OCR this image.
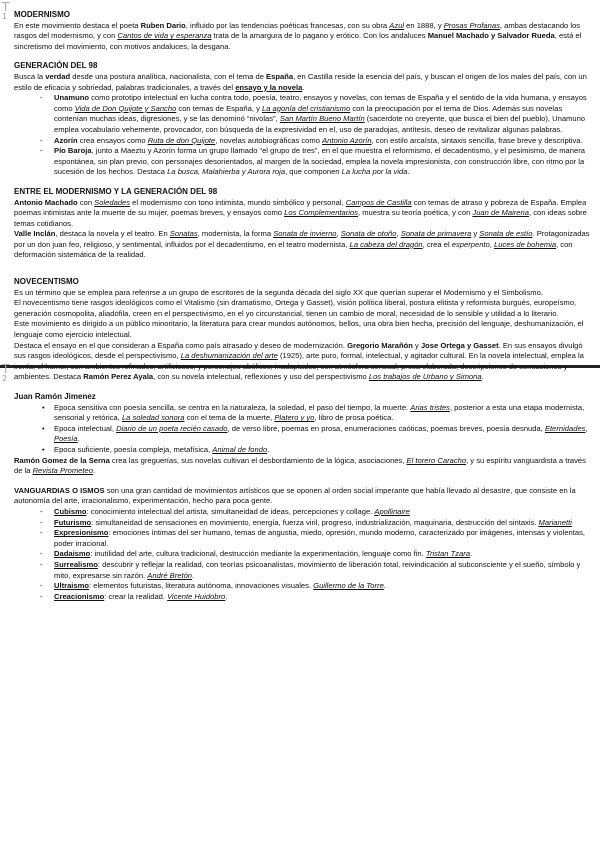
T
1
T
2
MODERNISMO

En este movimiento destaca el poeta Ruben Dario, influido por las tendencias poéticas francesas, con su obra Azul en 1888, y Prosas Profanas, ambas destacando los rasgos del modernismo, y con Cantos de vida y esperanza trata de la amargura de lo pagano y erótico. Con los andaluces Manuel Machado y Salvador Rueda, está el sincretismo del movimiento, con motivos andaluces, la desgana.

GENERACIÓN DEL 98

Busca la verdad desde una postura analítica, nacionalista, con el tema de España, en Castilla reside la esencia del país, y buscan el origen de los males del país, con un estilo de eficacia y sobriedad, palabras tradicionales, a través del ensayo y la novela.

- Unamuno como prototipo intelectual en lucha contra todo, poesía, teatro, ensayos y novelas, con temas de España y el sentido de la vida humana, y ensayos como Vida de Don Quijote y Sancho con temas de España, y La agonía del cristianismo con la preocupación por el tema de Dios. Además sus novelas contenían muchas ideas, digresiones, y se las denominó “nivolas”, San Martín Bueno Martín (sacerdote no creyente, que busca el bien del pueblo), Unamuno emplea vocabulario vehemente, provocador, con búsqueda de la expresividad en el, uso de paradojas, antítesis, deseo de revitalizar algunas palabras.
- Azorín crea ensayos como Ruta de don Quijote, novelas autobiográficas como Antonio Azorín, con estilo arcaísta, sintaxis sencilla, frase breve y descriptiva.
- Pío Baroja, junto a Maeztu y Azorín forma un grupo llamado “el grupo de tres”, en el que muestra el reformismo, el decadentismo, y el pesimismo, de manera espontánea, sin plan previo, con personajes desorientados, al margen de la sociedad, emplea la novela impresionista, con construcción libre, con ritmo por la sucesión de los hechos. Destaca La busca, Malahierba y Aurora roja, que componen La lucha por la vida.
ENTRE EL MODERNISMO Y LA GENERACIÓN DEL 98

Antonio Machado con Soledades el modernismo con tono intimista, mundo simbólico y personal, Campos de Castilla con temas de atraso y pobreza de España. Emplea poemas intimistas ante la muerte de su mujer, poemas breves, y ensayos como Los Complementarios, muestra su teoría poética, y con Juan de Mairena, con ideas sobre temas cotidianos.

Valle Inclán, destaca la novela y el teatro. En Sonatas, modernista, la forma Sonata de invierno, Sonata de otoño, Sonata de primavera y Sonata de estío. Protagonizadas por un don juan feo, religioso, y sentimental, influidos por el decadentismo, en el teatro modernista, La cabeza del dragón, crea el esperpento, Luces de bohemia, con deformación sistemática de la realidad.

NOVECENTISMO

Es un término que se emplea para referirse a un grupo de escritores de la segunda década del siglo XX que querían superar el Modernismo y el Simbolismo.

El novecentismo tiene rasgos ideológicos como el Vitalismo (sin dramatismo, Ortega y Gasset), visión política liberal, postura elitista y reformista burgués, europeísmo, generación cosmopolita, aliadófila, creen en el perspectivismo, en el yo circunstancial, tienen un cambio de moral, necesidad de lo sensible y utilidad a lo literario.

Este movimiento es dirigido a un público minoritario, la literatura para crear mundos autónomos, bellos, una obra bien hecha, precisión del lenguaje, deshumanización, el lenguaje como ejercicio intelectual.

Destaca el ensayo en el que consideran a España como país atrasado y deseo de modernización. Gregorio Marañón y Jose Ortega y Gasset. En sus ensayos divulgó sus rasgos ideológicos, desde el perspectivismo, La deshumanización del arte (1925), arte puro, formal, intelectual, y agitador cultural. En la novela intelectual, emplea la ironía, el humor, con ambientes refinados, artificiosos, y personajes abúlicos, inadaptados, con atmósfera sensual, prosa elaborada, descripciones de sensaciones y ambientes. Destaca Ramón Perez Ayala, con su novela intelectual, reflexiones y uso del perspectivismo Los trabajos de Urbano y Simona.

Juan Ramón Jimenez
• Epoca sensitiva con poesía sencilla, se centra en la naturaleza, la soledad, el paso del tiempo, la muerte. Arias tristes, posterior a esta una etapa modernista, sensorial y retórica, La soledad sonora con el tema de la muerte, Platero y yo, libro de prosa poética.
• Epoca intelectual, Diario de un poeta recién casado, de verso libre, poemas en prosa, enumeraciones caóticas, poemas breves, poesía desnuda, Eternidades, Poesía.
• Epoca suficiente, poesía compleja, metafísica, Animal de fondo.

Ramón Gomez de la Serna crea las greguerías, sus novelas cultivan el desbordamiento de la lógica, asociaciones, El torero Caracho, y su espíritu vanguardista a través de la Revista Prometeo.

VANGUARDIAS O ISMOS son una gran cantidad de movimientos artísticos que se oponen al orden social imperante que había llevado al desastre, que consiste en la autonomía del arte, irracionalismo, experimentación, hecho para poca gente.

- Cubismo: conocimiento intelectual del artista, simultaneidad de ideas, percepciones y collage. Apollinaire
- Futurismo: simultaneidad de sensaciones en movimiento, energía, fuerza viril, progreso, industrialización, maquinaria, destrucción del sintaxis. Marianetti
- Expresionismo: emociones íntimas del ser humano, temas de angustia, miedo, opresión, mundo moderno, caracterizado por imágenes, intensas y violentas, poder irracional.
- Dadaismo: inutilidad del arte, cultura tradicional, destrucción mediante la experimentación, lenguaje como fin. Tristan Tzara.
- Surrealismo: descubrir y reflejar la realidad, con teorías psicoanalistas, movimiento de liberación total, reivindicación al subconsciente y el sueño, símbolo y mito, expresarse sin razón. André Bretón.
- Ultraismo: elementos futuristas, literatura autónoma, innovaciones visuales. Guillermo de la Torre.
- Creacionismo: crear la realidad. Vicente Huidobro.
